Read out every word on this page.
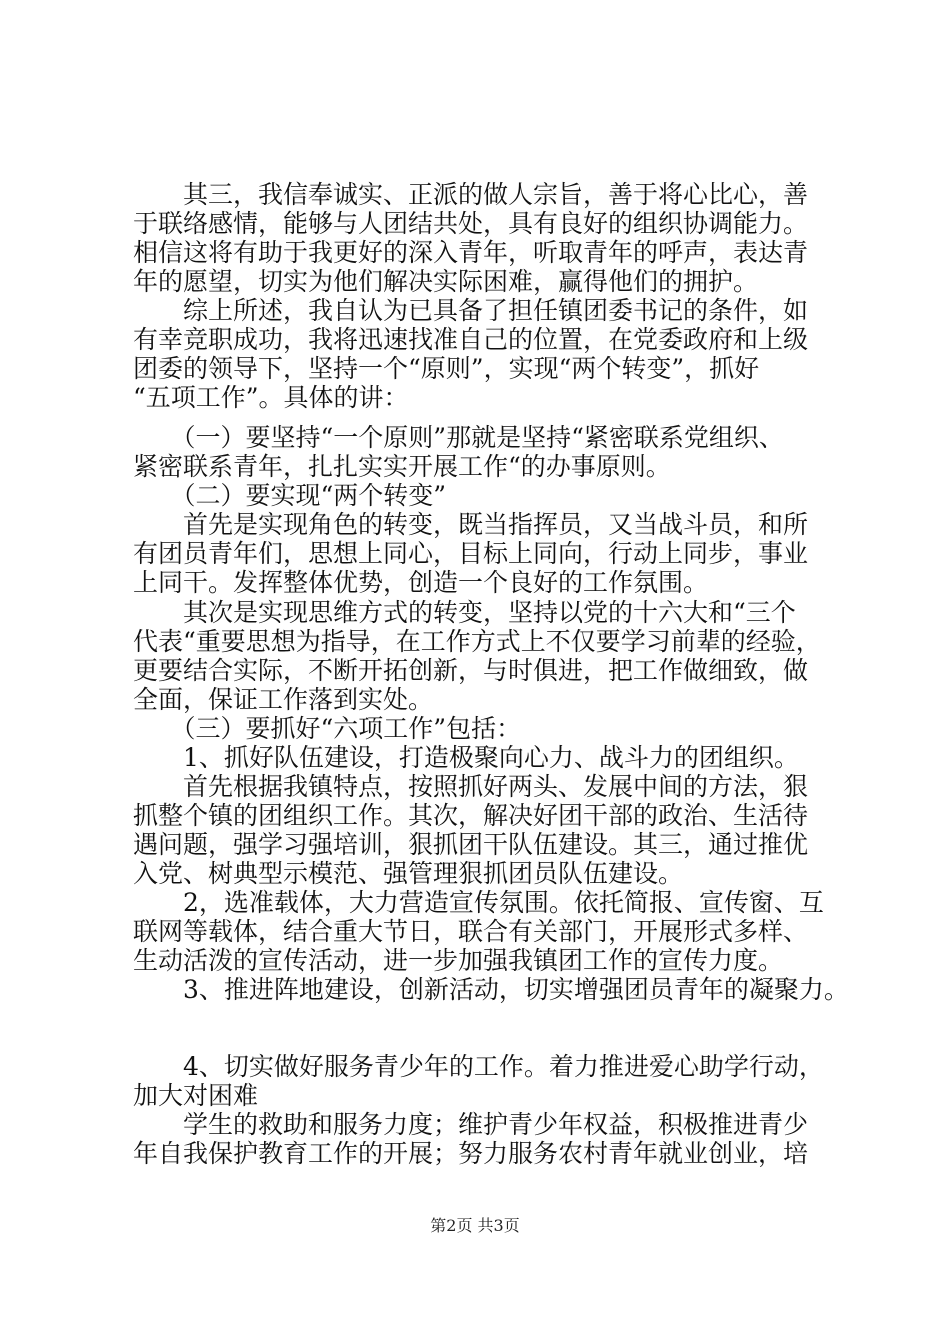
　　其三，我信奉诚实、正派的做人宗旨，善于将心比心，善
于联络感情，能够与人团结共处，具有良好的组织协调能力。
相信这将有助于我更好的深入青年，听取青年的呼声，表达青
年的愿望，切实为他们解决实际困难，赢得他们的拥护。
　　综上所述，我自认为已具备了担任镇团委书记的条件，如
有幸竞职成功，我将迅速找准自己的位置，在党委政府和上级
团委的领导下，坚持一个“原则”，实现“两个转变”，抓好
“五项工作”。具体的讲：
　　（一）要坚持“一个原则”那就是坚持“紧密联系党组织、
紧密联系青年，扎扎实实开展工作“的办事原则。
　　（二）要实现“两个转变”
　　首先是实现角色的转变，既当指挥员，又当战斗员，和所
有团员青年们，思想上同心，目标上同向，行动上同步，事业
上同干。发挥整体优势，创造一个良好的工作氛围。
　　其次是实现思维方式的转变，坚持以党的十六大和“三个
代表“重要思想为指导，在工作方式上不仅要学习前辈的经验，
更要结合实际，不断开拓创新，与时俱进，把工作做细致，做
全面，保证工作落到实处。
　　（三）要抓好“六项工作”包括：
　　1、抓好队伍建设，打造极聚向心力、战斗力的团组织。
　　首先根据我镇特点，按照抓好两头、发展中间的方法，狠
抓整个镇的团组织工作。其次，解决好团干部的政治、生活待
遇问题，强学习强培训，狠抓团干队伍建设。其三，通过推优
入党、树典型示模范、强管理狠抓团员队伍建设。
　　2，选准载体，大力营造宣传氛围。依托简报、宣传窗、互
联网等载体，结合重大节日，联合有关部门，开展形式多样、
生动活泼的宣传活动，进一步加强我镇团工作的宣传力度。
　　3、推进阵地建设，创新活动，切实增强团员青年的凝聚力。
　　4、切实做好服务青少年的工作。着力推进爱心助学行动，
加大对困难
　　学生的救助和服务力度；维护青少年权益，积极推进青少
年自我保护教育工作的开展；努力服务农村青年就业创业，培
第2页 共3页
